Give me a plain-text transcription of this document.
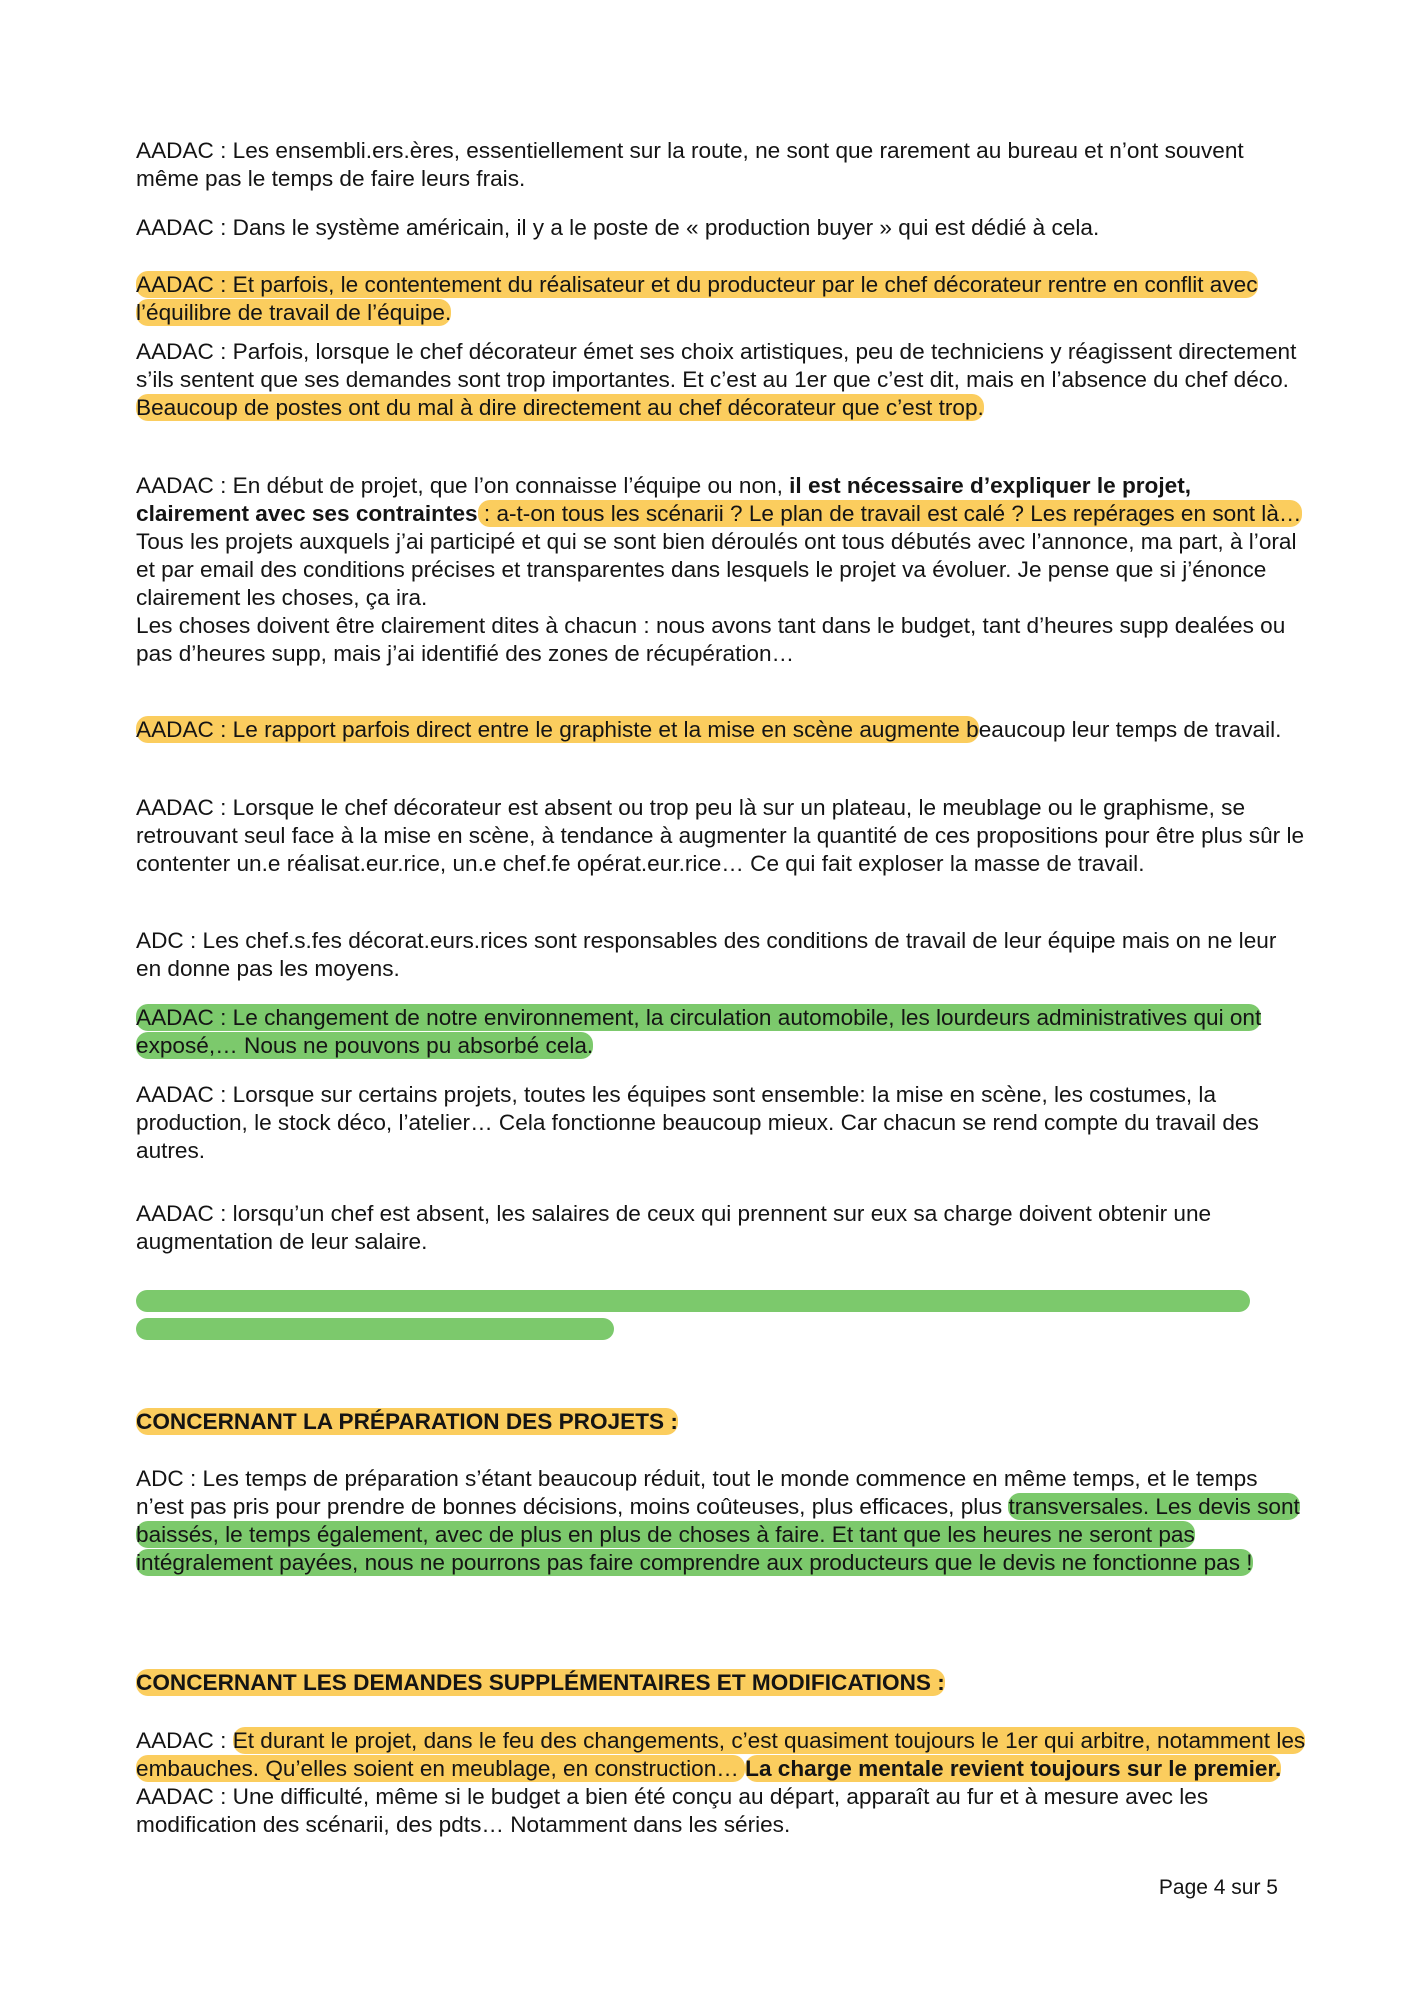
AADAC : Les ensembli.ers.ères, essentiellement sur la route, ne sont que rarement au bureau et n’ont souvent même pas le temps de faire leurs frais.
AADAC : Dans le système américain, il y a le poste de « production buyer » qui est dédié à cela.
AADAC : Et parfois, le contentement du réalisateur et du producteur par le chef décorateur rentre en conflit avec l’équilibre de travail de l’équipe.
AADAC : Parfois, lorsque le chef décorateur émet ses choix artistiques, peu de techniciens y réagissent directement s’ils sentent que ses demandes sont trop importantes. Et c’est au 1er que c’est dit, mais en l’absence du chef déco. Beaucoup de postes ont du mal à dire directement au chef décorateur que c’est trop.
AADAC : En début de projet, que l’on connaisse l’équipe ou non, il est nécessaire d’expliquer le projet, clairement avec ses contraintes : a-t-on tous les scénarii ? Le plan de travail est calé ? Les repérages en sont là…
Tous les projets auxquels j’ai participé et qui se sont bien déroulés ont tous débutés avec l’annonce, ma part, à l’oral et par email des conditions précises et transparentes dans lesquels le projet va évoluer. Je pense que si j’énonce clairement les choses, ça ira.
Les choses doivent être clairement dites à chacun : nous avons tant dans le budget, tant d’heures supp dealées ou pas d’heures supp, mais j’ai identifié des zones de récupération…
AADAC : Le rapport parfois direct entre le graphiste et la mise en scène augmente beaucoup leur temps de travail.
AADAC : Lorsque le chef décorateur est absent ou trop peu là sur un plateau, le meublage ou le graphisme, se retrouvant seul face à la mise en scène, à tendance à augmenter la quantité de ces propositions pour être plus sûr le contenter un.e réalisat.eur.rice, un.e chef.fe opérat.eur.rice… Ce qui fait exploser la masse de travail.
ADC : Les chef.s.fes décorat.eurs.rices sont responsables des conditions de travail de leur équipe mais on ne leur en donne pas les moyens.
AADAC : Le changement de notre environnement, la circulation automobile, les lourdeurs administratives qui ont exposé,… Nous ne pouvons pu absorbé cela.
AADAC : Lorsque sur certains projets, toutes les équipes sont ensemble: la mise en scène, les costumes, la production, le stock déco, l’atelier… Cela fonctionne beaucoup mieux. Car chacun se rend compte du travail des autres.
AADAC : lorsqu’un chef est absent, les salaires de ceux qui prennent sur eux sa charge doivent obtenir une augmentation de leur salaire.
CONCERNANT LA PRÉPARATION DES PROJETS :
ADC : Les temps de préparation s’étant beaucoup réduit, tout le monde commence en même temps, et le temps n’est pas pris pour prendre de bonnes décisions, moins coûteuses, plus efficaces, plus transversales. Les devis sont baissés, le temps également, avec de plus en plus de choses à faire. Et tant que les heures ne seront pas intégralement payées, nous ne pourrons pas faire comprendre aux producteurs que le devis ne fonctionne pas !
CONCERNANT LES DEMANDES SUPPLÉMENTAIRES ET MODIFICATIONS :
AADAC : Et durant le projet, dans le feu des changements, c’est quasiment toujours le 1er qui arbitre, notamment les embauches. Qu’elles soient en meublage, en construction… La charge mentale revient toujours sur le premier.
AADAC : Une difficulté, même si le budget a bien été conçu au départ, apparaît au fur et à mesure avec les modification des scénarii, des pdts… Notamment dans les séries.
Page 4 sur 5
